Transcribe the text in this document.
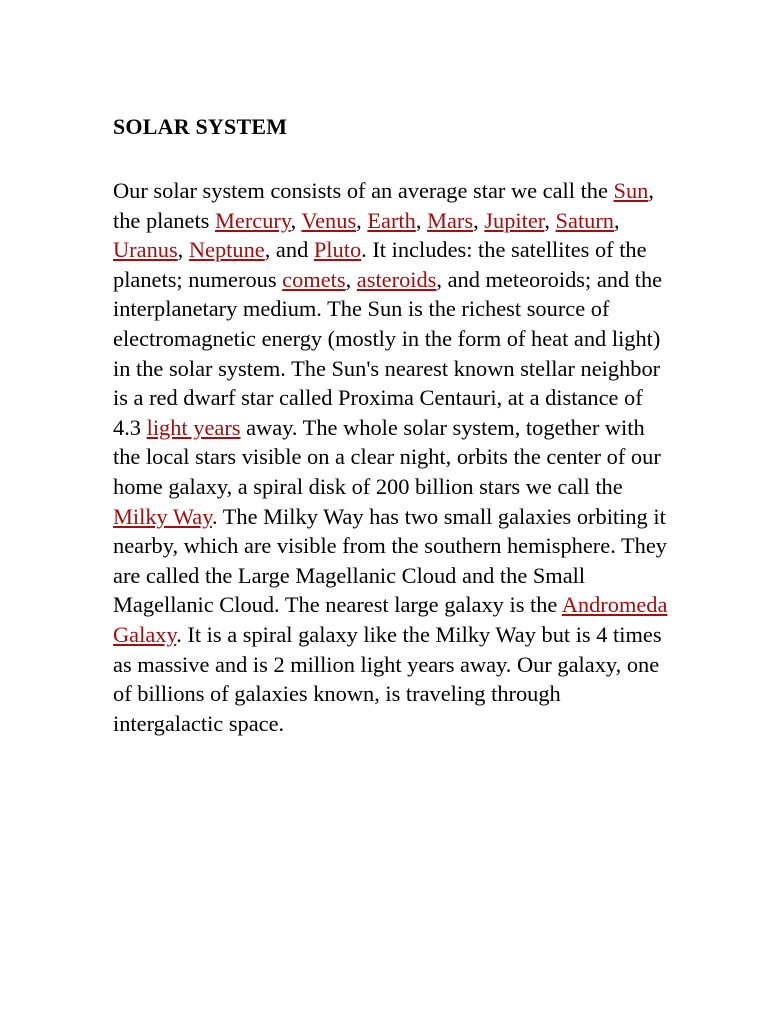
SOLAR SYSTEM

Our solar system consists of an average star we call the Sun, the planets Mercury, Venus, Earth, Mars, Jupiter, Saturn, Uranus, Neptune, and Pluto. It includes: the satellites of the planets; numerous comets, asteroids, and meteoroids; and the interplanetary medium. The Sun is the richest source of electromagnetic energy (mostly in the form of heat and light) in the solar system. The Sun's nearest known stellar neighbor is a red dwarf star called Proxima Centauri, at a distance of 4.3 light years away. The whole solar system, together with the local stars visible on a clear night, orbits the center of our home galaxy, a spiral disk of 200 billion stars we call the Milky Way. The Milky Way has two small galaxies orbiting it nearby, which are visible from the southern hemisphere. They are called the Large Magellanic Cloud and the Small Magellanic Cloud. The nearest large galaxy is the Andromeda Galaxy. It is a spiral galaxy like the Milky Way but is 4 times as massive and is 2 million light years away. Our galaxy, one of billions of galaxies known, is traveling through intergalactic space.
